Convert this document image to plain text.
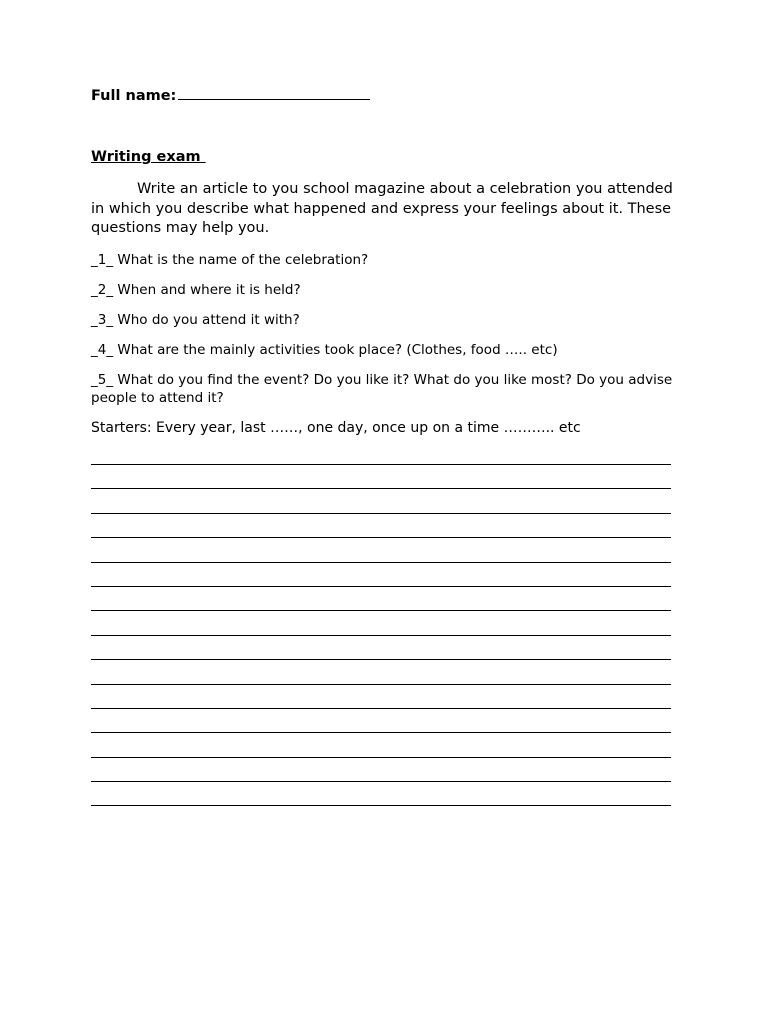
Full name:
Writing exam

Write an article to you school magazine about a celebration you attended in which you describe what happened and express your feelings about it. These questions may help you.

_1_ What is the name of the celebration?

_2_ When and where it is held?

_3_ Who do you attend it with?

_4_ What are the mainly activities took place? (Clothes, food ….. etc)

_5_ What do you find the event? Do you like it? What do you like most? Do you advise people to attend it?

Starters: Every year, last ……, one day, once up on a time ……….. etc
